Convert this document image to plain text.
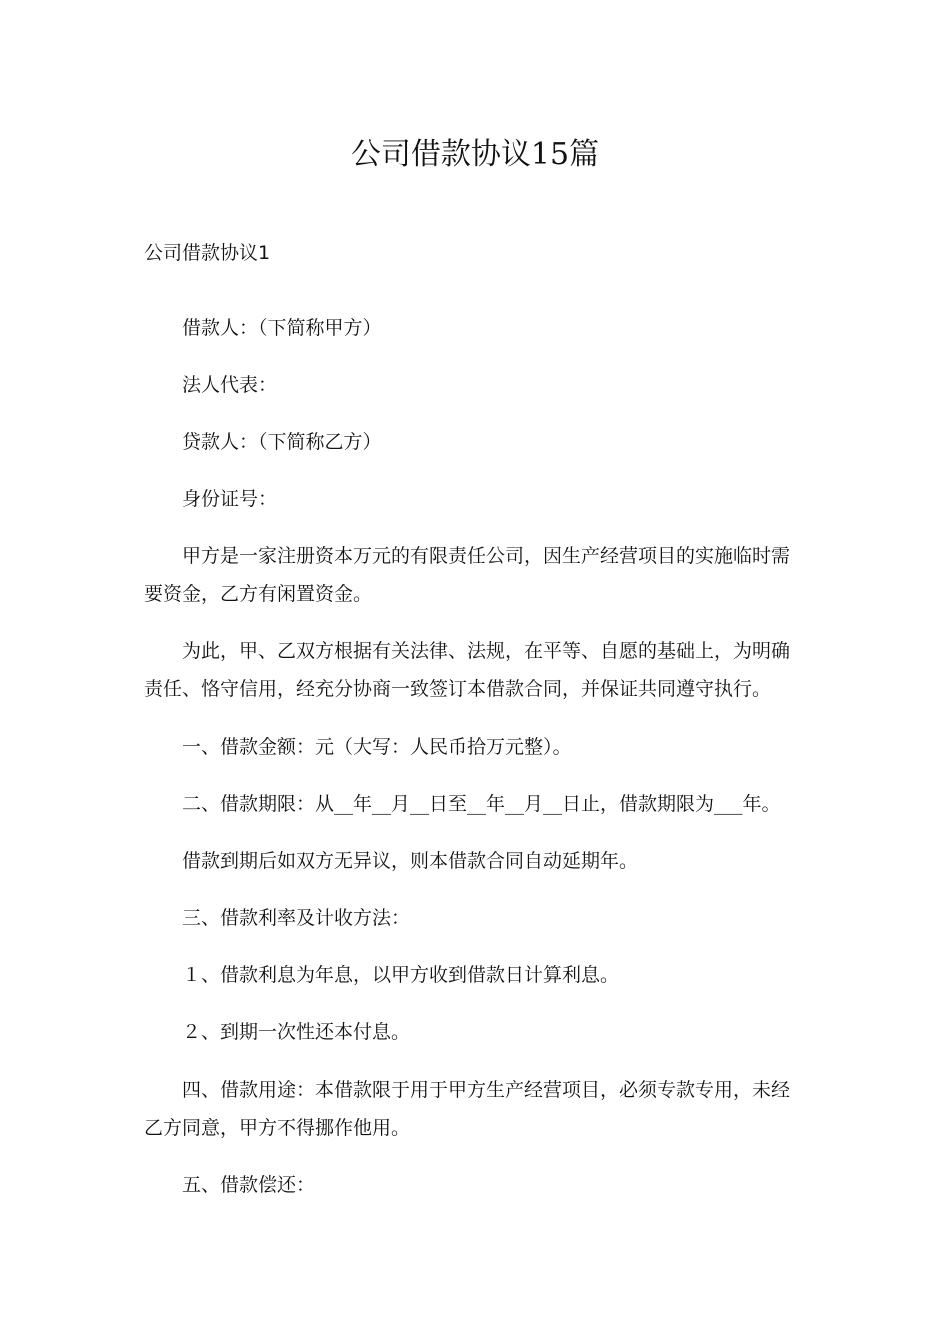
公司借款协议15篇
公司借款协议1

借款人：（下简称甲方）

法人代表：

贷款人：（下简称乙方）

身份证号：

甲方是一家注册资本万元的有限责任公司，因生产经营项目的实施临时需要资金，乙方有闲置资金。

为此，甲、乙双方根据有关法律、法规，在平等、自愿的基础上，为明确责任、恪守信用，经充分协商一致签订本借款合同，并保证共同遵守执行。

一、借款金额：元（大写：人民币拾万元整）。

二、借款期限：从__年__月__日至__年__月__日止，借款期限为___年。

借款到期后如双方无异议，则本借款合同自动延期年。

三、借款利率及计收方法：

１、借款利息为年息，以甲方收到借款日计算利息。

２、到期一次性还本付息。

四、借款用途：本借款限于用于甲方生产经营项目，必须专款专用，未经乙方同意，甲方不得挪作他用。

五、借款偿还：
